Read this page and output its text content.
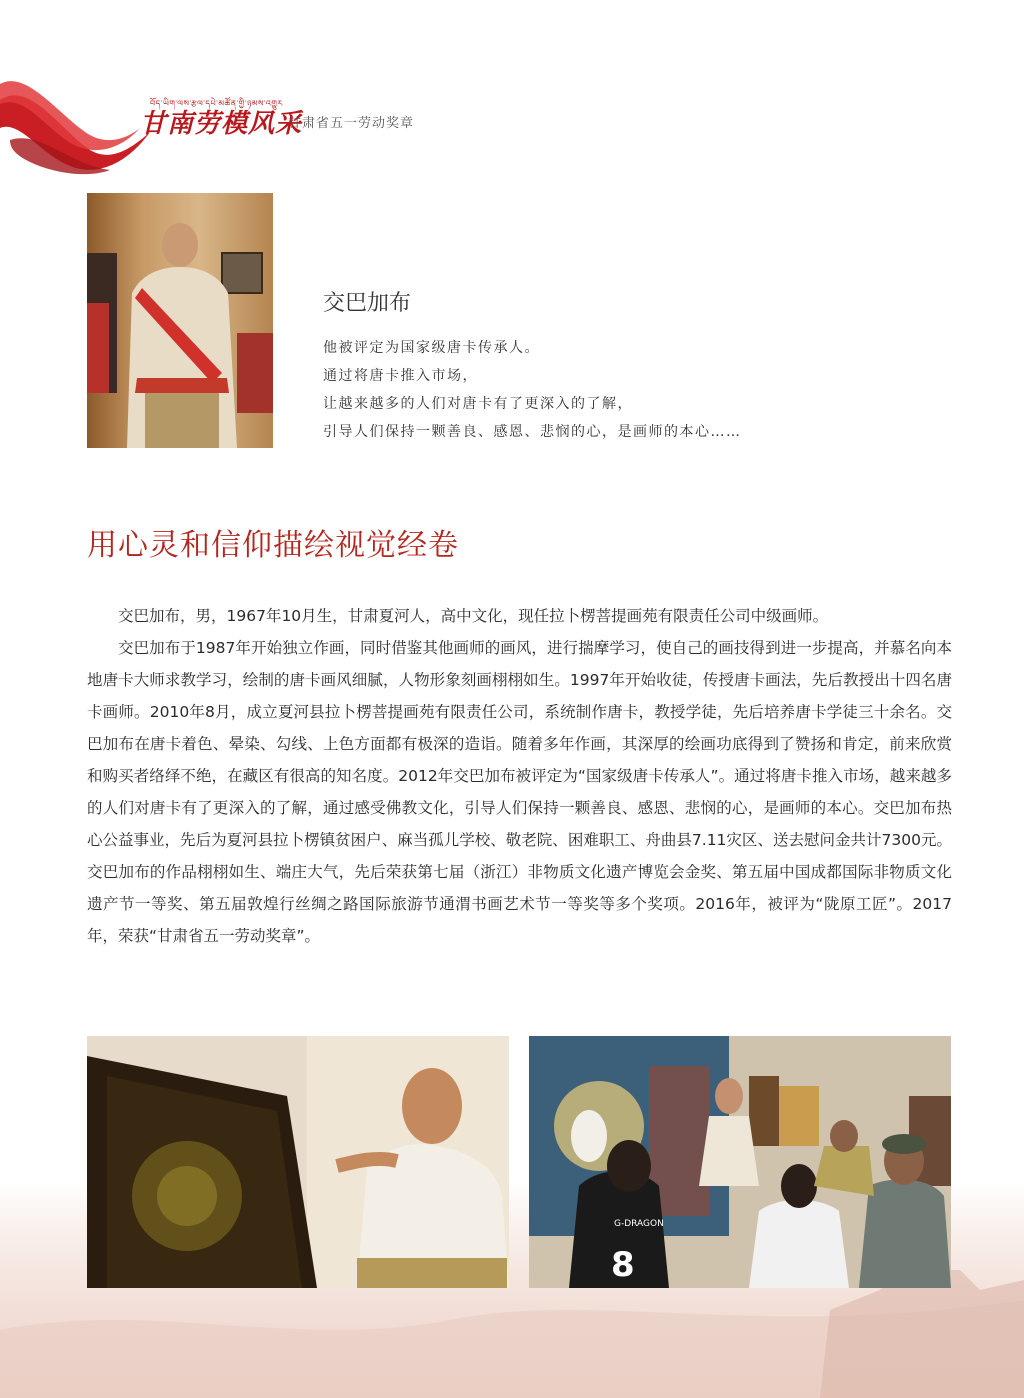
བོད་ཡིག་ལས་རྩལ་དཔེ་མཚོན་གྱི་ཉམས་འགྱུར
甘南劳模风采
甘肃省五一劳动奖章
交巴加布
他被评定为国家级唐卡传承人。
通过将唐卡推入市场，
让越来越多的人们对唐卡有了更深入的了解，
引导人们保持一颗善良、感恩、悲悯的心，是画师的本心……
用心灵和信仰描绘视觉经卷

交巴加布，男，1967年10月生，甘肃夏河人，高中文化，现任拉卜楞菩提画苑有限责任公司中级画师。

交巴加布于1987年开始独立作画，同时借鉴其他画师的画风，进行揣摩学习，使自己的画技得到进一步提高，并慕名向本地唐卡大师求教学习，绘制的唐卡画风细腻，人物形象刻画栩栩如生。1997年开始收徒，传授唐卡画法，先后教授出十四名唐卡画师。2010年8月，成立夏河县拉卜楞菩提画苑有限责任公司，系统制作唐卡，教授学徒，先后培养唐卡学徒三十余名。交巴加布在唐卡着色、晕染、勾线、上色方面都有极深的造诣。随着多年作画，其深厚的绘画功底得到了赞扬和肯定，前来欣赏和购买者络绎不绝，在藏区有很高的知名度。2012年交巴加布被评定为“国家级唐卡传承人”。通过将唐卡推入市场，越来越多的人们对唐卡有了更深入的了解，通过感受佛教文化，引导人们保持一颗善良、感恩、悲悯的心，是画师的本心。交巴加布热心公益事业，先后为夏河县拉卜楞镇贫困户、麻当孤儿学校、敬老院、困难职工、舟曲县7.11灾区、送去慰问金共计7300元。交巴加布的作品栩栩如生、端庄大气，先后荣获第七届（浙江）非物质文化遗产博览会金奖、第五届中国成都国际非物质文化遗产节一等奖、第五届敦煌行丝绸之路国际旅游节通渭书画艺术节一等奖等多个奖项。2016年，被评为“陇原工匠”。2017年，荣获“甘肃省五一劳动奖章”。

G-DRAGON
8
